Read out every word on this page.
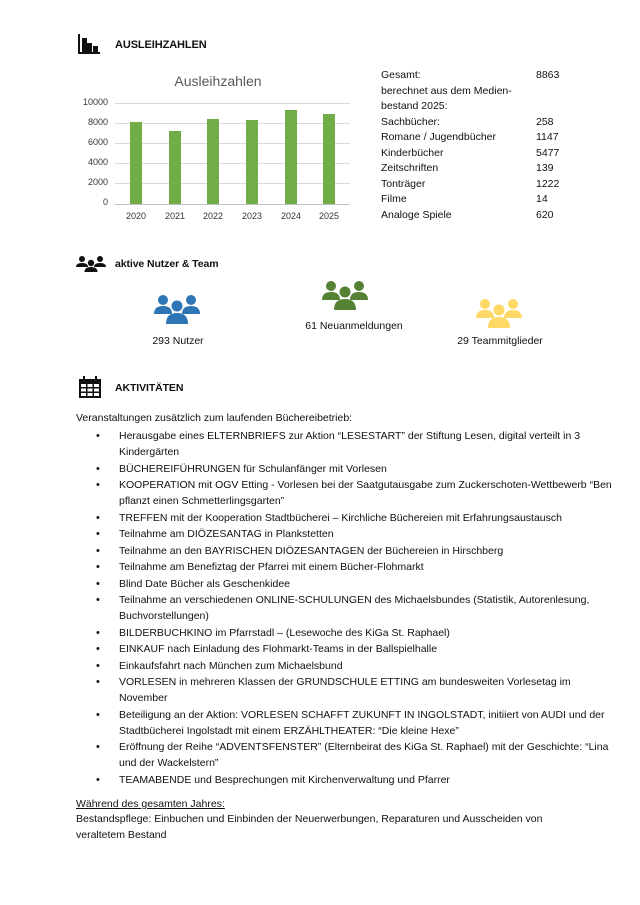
AUSLEIHZAHLEN
Ausleihzahlen
10000
8000
6000
4000
2000
0
2020	2021	2022	2023	2024	2025
Gesamt:	8863
berechnet aus dem Medien-
bestand 2025:
Sachbücher:	258
Romane / Jugendbücher	1147
Kinderbücher	5477
Zeitschriften	139
Tonträger	1222
Filme	14
Analoge Spiele	620
aktive Nutzer & Team
293 Nutzer
61 Neuanmeldungen
29 Teammitglieder
AKTIVITÄTEN
Veranstaltungen zusätzlich zum laufenden Büchereibetrieb:
• Herausgabe eines ELTERNBRIEFS zur Aktion “LESESTART” der Stiftung Lesen, digital verteilt in 3 Kindergärten
• BÜCHEREIFÜHRUNGEN für Schulanfänger mit Vorlesen
• KOOPERATION mit OGV Etting - Vorlesen bei der Saatgutausgabe zum Zuckerschoten-Wettbewerb “Ben pflanzt einen Schmetterlingsgarten”
• TREFFEN mit der Kooperation Stadtbücherei – Kirchliche Büchereien mit Erfahrungsaustausch
• Teilnahme am DIÖZESANTAG in Plankstetten
• Teilnahme an den BAYRISCHEN DIÖZESANTAGEN der Büchereien in Hirschberg
• Teilnahme am Benefiztag der Pfarrei mit einem Bücher-Flohmarkt
• Blind Date Bücher als Geschenkidee
• Teilnahme an verschiedenen ONLINE-SCHULUNGEN des Michaelsbundes (Statistik, Autorenlesung, Buchvorstellungen)
• BILDERBUCHKINO im Pfarrstadl – (Lesewoche des KiGa St. Raphael)
• EINKAUF nach Einladung des Flohmarkt-Teams in der Ballspielhalle
• Einkaufsfahrt nach München zum Michaelsbund
• VORLESEN in mehreren Klassen der GRUNDSCHULE ETTING am bundesweiten Vorlesetag im November
• Beteiligung an der Aktion: VORLESEN SCHAFFT ZUKUNFT IN INGOLSTADT, initiiert von AUDI und der Stadtbücherei Ingolstadt mit einem ERZÄHLTHEATER: “Die kleine Hexe”
• Eröffnung der Reihe “ADVENTSFENSTER” (Elternbeirat des KiGa St. Raphael) mit der Geschichte: “Lina und der Wackelstern”
• TEAMABENDE und Besprechungen mit Kirchenverwaltung und Pfarrer
Während des gesamten Jahres:
Bestandspflege: Einbuchen und Einbinden der Neuerwerbungen, Reparaturen und Ausscheiden von veraltetem Bestand
